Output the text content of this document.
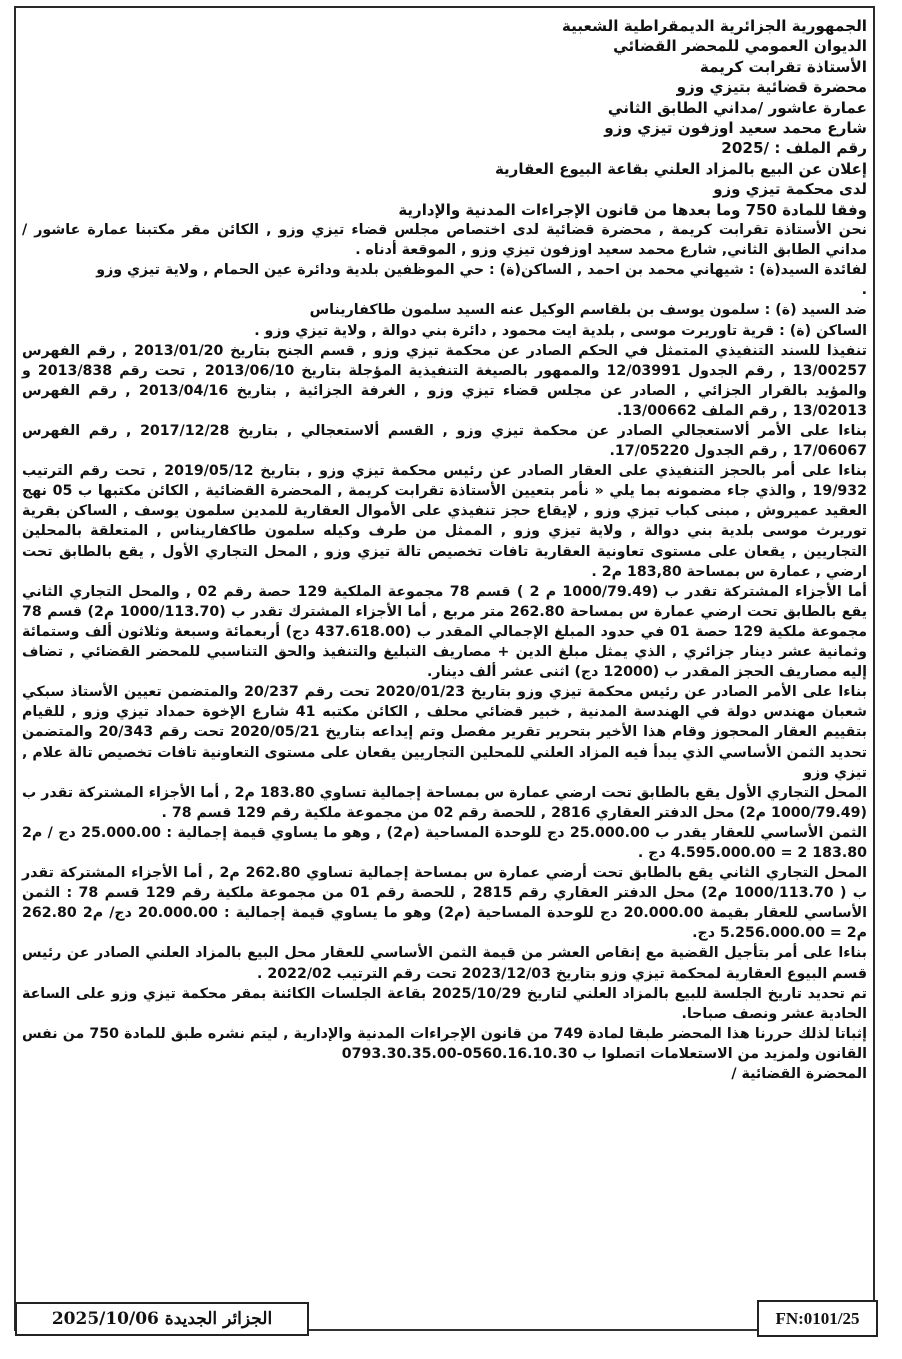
الجمهورية الجزائرية الديمقراطية الشعبية
الديوان العمومي للمحضر القضائي
الأستاذة تقرابت كريمة
محضرة قضائية بتيزي وزو
عمارة عاشور /مداني الطابق الثاني
شارع محمد سعيد اوزفون تيزي وزو
رقم الملف : /2025
إعلان عن البيع بالمزاد العلني بقاعة البيوع العقارية
لدى محكمة تيزي وزو
وفقا للمادة 750 وما بعدها من قانون الإجراءات المدنية والإدارية

نحن الأستاذة تقرابت كريمة , محضرة قضائية لدى اختصاص مجلس قضاء تيزي وزو , الكائن مقر مكتبنا عمارة عاشور /مداني الطابق الثاني, شارع محمد سعيد اوزفون تيزي وزو , الموقعة أدناه .

لفائدة السيد(ة) : شيهاني محمد بن احمد , الساكن(ة) : حي الموظفين بلدية ودائرة عين الحمام , ولاية تيزي وزو

.

ضد السيد (ة) : سلمون يوسف بن بلقاسم الوكيل عنه السيد سلمون طاكفاريناس

الساكن (ة) : قرية تاوريرت موسى , بلدية ايت محمود , دائرة بني دوالة , ولاية تيزي وزو .

تنفيذا للسند التنفيذي المتمثل في الحكم الصادر عن محكمة تيزي وزو , قسم الجنح بتاريخ 2013/01/20 , رقم الفهرس 13/00257 , رقم الجدول 12/03991 والممهور بالصيغة التنفيذية المؤجلة بتاريخ 2013/06/10 , تحت رقم 2013/838 و والمؤيد بالقرار الجزائي , الصادر عن مجلس قضاء تيزي وزو , الغرفة الجزائية , بتاريخ 2013/04/16 , رقم الفهرس 13/02013 , رقم الملف 13/00662.

بناءا على الأمر ألاستعجالي الصادر عن محكمة تيزي وزو , القسم ألاستعجالي , بتاريخ 2017/12/28 , رقم الفهرس 17/06067 , رقم الجدول 17/05220.

بناءا على أمر بالحجز التنفيذي على العقار الصادر عن رئيس محكمة تيزي وزو , بتاريخ 2019/05/12 , تحت رقم الترتيب 19/932 , والذي جاء مضمونه بما يلي « نأمر بتعيين الأستاذة تقرابت كريمة , المحضرة القضائية , الكائن مكتبها ب 05 نهج العقيد عميروش , مبنى كباب تيزي وزو , لإيقاع حجز تنفيذي على الأموال العقارية للمدين سلمون يوسف , الساكن بقرية توريرث موسى بلدية بني دوالة , ولاية تيزي وزو , الممثل من طرف وكيله سلمون طاكفاريناس , المتعلقة بالمحلين التجاريين , يقعان على مستوى تعاونية العقارية تافات تخصيص تالة تيزي وزو , المحل التجاري الأول , يقع بالطابق تحت ارضي , عمارة س بمساحة 183,80 م2 .

أما الأجزاء المشتركة تقدر ب (1000/79.49 م 2 ) قسم 78 مجموعة الملكية 129 حصة رقم 02 , والمحل التجاري الثاني يقع بالطابق تحت ارضي عمارة س بمساحة 262.80 متر مربع , أما الأجزاء المشترك تقدر ب (1000/113.70 م2) قسم 78 مجموعة ملكية 129 حصة 01 في حدود المبلغ الإجمالي المقدر ب (437.618.00 دج) أربعمائة وسبعة وثلاثون ألف وستمائة وثمانية عشر دينار جزائري , الذي يمثل مبلغ الدين + مصاريف التبليغ والتنفيذ والحق التناسبي للمحضر القضائي , تضاف إليه مصاريف الحجز المقدر ب (12000 دج) اثنى عشر ألف دينار.

بناءا على الأمر الصادر عن رئيس محكمة تيزي وزو بتاريخ 2020/01/23 تحت رقم 20/237 والمتضمن تعيين الأستاذ سبكي شعبان مهندس دولة في الهندسة المدنية , خبير قضائي محلف , الكائن مكتبه 41 شارع الإخوة حمداد تيزي وزو , للقيام بتقييم العقار المحجوز وقام هذا الأخير بتحرير تقرير مفصل وتم إيداعه بتاريخ 2020/05/21 تحت رقم 20/343 والمتضمن تحديد الثمن الأساسي الذي يبدأ فيه المزاد العلني للمحلين التجاريين يقعان على مستوى التعاونية تافات تخصيص تالة علام , تيزي وزو

المحل التجاري الأول يقع بالطابق تحت ارضي عمارة س بمساحة إجمالية تساوي 183.80 م2 , أما الأجزاء المشتركة تقدر ب (1000/79.49 م2) محل الدفتر العقاري 2816 , للحصة رقم 02 من مجموعة ملكية رقم 129 قسم 78 .

الثمن الأساسي للعقار يقدر ب 25.000.00 دج للوحدة المساحية (م2) , وهو ما يساوي قيمة إجمالية : 25.000.00 دج / م2 183.80 2 = 4.595.000.00 دج .

المحل التجاري الثاني يقع بالطابق تحت أرضي عمارة س بمساحة إجمالية تساوي 262.80 م2 , أما الأجزاء المشتركة تقدر ب ( 1000/113.70 م2) محل الدفتر العقاري رقم 2815 , للحصة رقم 01 من مجموعة ملكية رقم 129 قسم 78 : الثمن الأساسي للعقار بقيمة 20.000.00 دج للوحدة المساحية (م2) وهو ما يساوي قيمة إجمالية : 20.000.00 دج/ م2 262.80 م2 = 5.256.000.00 دج.

بناءا على أمر بتأجيل القضية مع إنقاص العشر من قيمة الثمن الأساسي للعقار محل البيع بالمزاد العلني الصادر عن رئيس قسم البيوع العقارية لمحكمة تيزي وزو بتاريخ 2023/12/03 تحت رقم الترتيب 2022/02 .

تم تحديد تاريخ الجلسة للبيع بالمزاد العلني لتاريخ 2025/10/29 بقاعة الجلسات الكائنة بمقر محكمة تيزي وزو على الساعة الحادية عشر ونصف صباحا.

إثباتا لذلك حررنا هذا المحضر طبقا لمادة 749 من قانون الإجراءات المدنية والإدارية , ليتم نشره طبق للمادة 750 من نفس القانون ولمزيد من الاستعلامات اتصلوا ب 0560.16.10.30-0793.30.35.00

المحضرة القضائية /

الجزائر الجديدة 2025/10/06	FN:0101/25
